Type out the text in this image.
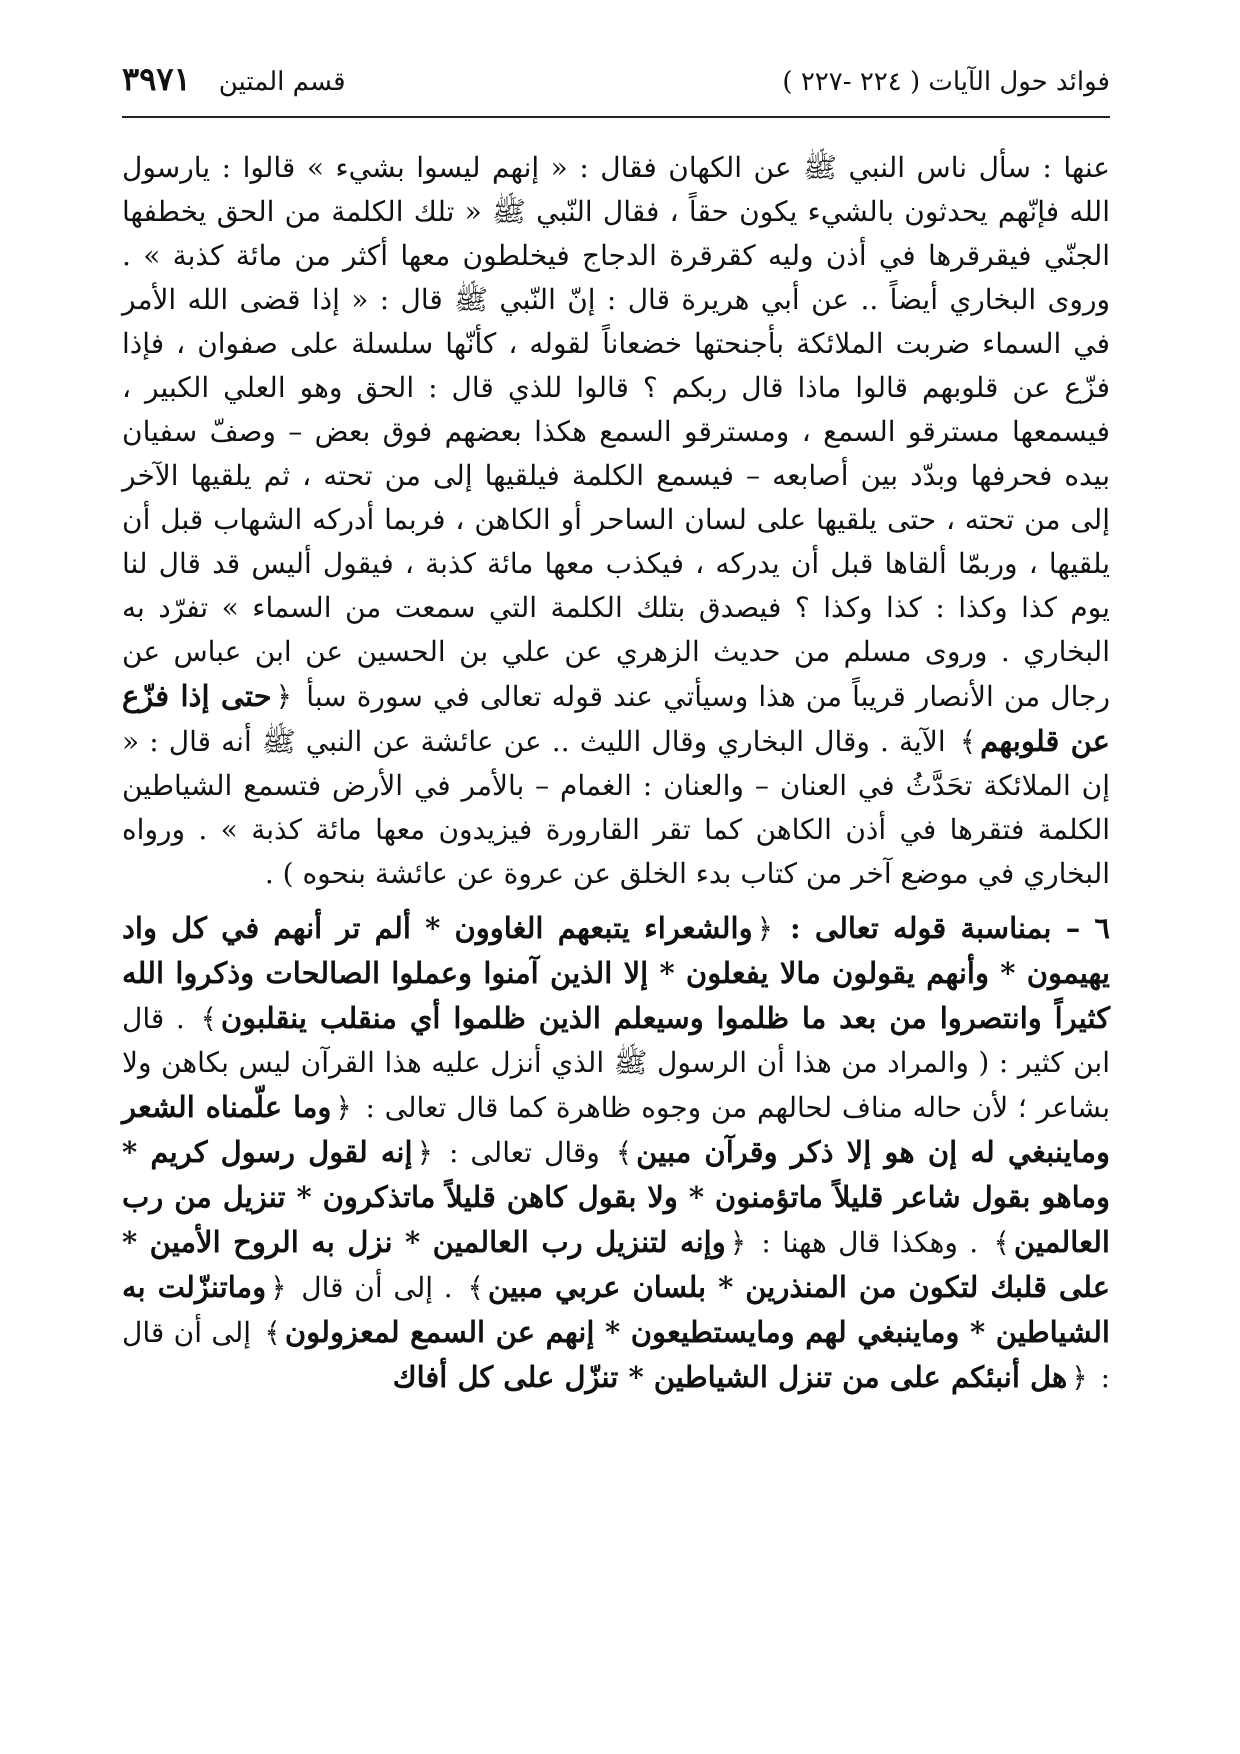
فوائد حول الآيات ( ٢٢٤ -٢٢٧ )
قسم المتين
٣٩٧١

عنها : سأل ناس النبي ﷺ عن الكهان فقال : « إنهم ليسوا بشيء » قالوا : يارسول الله فإنّهم يحدثون بالشيء يكون حقاً ، فقال النّبي ﷺ « تلك الكلمة من الحق يخطفها الجنّي فيقرقرها في أذن وليه كقرقرة الدجاج فيخلطون معها أكثر من مائة كذبة » . وروى البخاري أيضاً .. عن أبي هريرة قال : إنّ النّبي ﷺ قال : « إذا قضى الله الأمر في السماء ضربت الملائكة بأجنحتها خضعاناً لقوله ، كأنّها سلسلة على صفوان ، فإذا فزّع عن قلوبهم قالوا ماذا قال ربكم ؟ قالوا للذي قال : الحق وهو العلي الكبير ، فيسمعها مسترقو السمع ، ومسترقو السمع هكذا بعضهم فوق بعض – وصفّ سفيان بيده فحرفها وبدّد بين أصابعه – فيسمع الكلمة فيلقيها إلى من تحته ، ثم يلقيها الآخر إلى من تحته ، حتى يلقيها على لسان الساحر أو الكاهن ، فربما أدركه الشهاب قبل أن يلقيها ، وربمّا ألقاها قبل أن يدركه ، فيكذب معها مائة كذبة ، فيقول أليس قد قال لنا يوم كذا وكذا : كذا وكذا ؟ فيصدق بتلك الكلمة التي سمعت من السماء » تفرّد به البخاري . وروى مسلم من حديث الزهري عن علي بن الحسين عن ابن عباس عن رجال من الأنصار قريباً من هذا وسيأتي عند قوله تعالى في سورة سبأ ﴿حتى إذا فزّع عن قلوبهم﴾ الآية . وقال البخاري وقال الليث .. عن عائشة عن النبي ﷺ أنه قال : « إن الملائكة تحَدَّثُ في العنان – والعنان : الغمام – بالأمر في الأرض فتسمع الشياطين الكلمة فتقرها في أذن الكاهن كما تقر القارورة فيزيدون معها مائة كذبة » . ورواه البخاري في موضع آخر من كتاب بدء الخلق عن عروة عن عائشة بنحوه ) .

٦ – بمناسبة قوله تعالى : ﴿والشعراء يتبعهم الغاوون * ألم تر أنهم في كل واد يهيمون * وأنهم يقولون مالا يفعلون * إلا الذين آمنوا وعملوا الصالحات وذكروا الله كثيراً وانتصروا من بعد ما ظلموا وسيعلم الذين ظلموا أي منقلب ينقلبون﴾ . قال ابن كثير : ( والمراد من هذا أن الرسول ﷺ الذي أنزل عليه هذا القرآن ليس بكاهن ولا بشاعر ؛ لأن حاله مناف لحالهم من وجوه ظاهرة كما قال تعالى : ﴿وما علّمناه الشعر وماينبغي له إن هو إلا ذكر وقرآن مبين﴾ وقال تعالى : ﴿إنه لقول رسول كريم * وماهو بقول شاعر قليلاً ماتؤمنون * ولا بقول كاهن قليلاً ماتذكرون * تنزيل من رب العالمين﴾ . وهكذا قال ههنا : ﴿وإنه لتنزيل رب العالمين * نزل به الروح الأمين * على قلبك لتكون من المنذرين * بلسان عربي مبين﴾ . إلى أن قال ﴿وماتنزّلت به الشياطين * وماينبغي لهم ومايستطيعون * إنهم عن السمع لمعزولون﴾ إلى أن قال : ﴿هل أنبئكم على من تنزل الشياطين * تنزّل على كل أفاك
